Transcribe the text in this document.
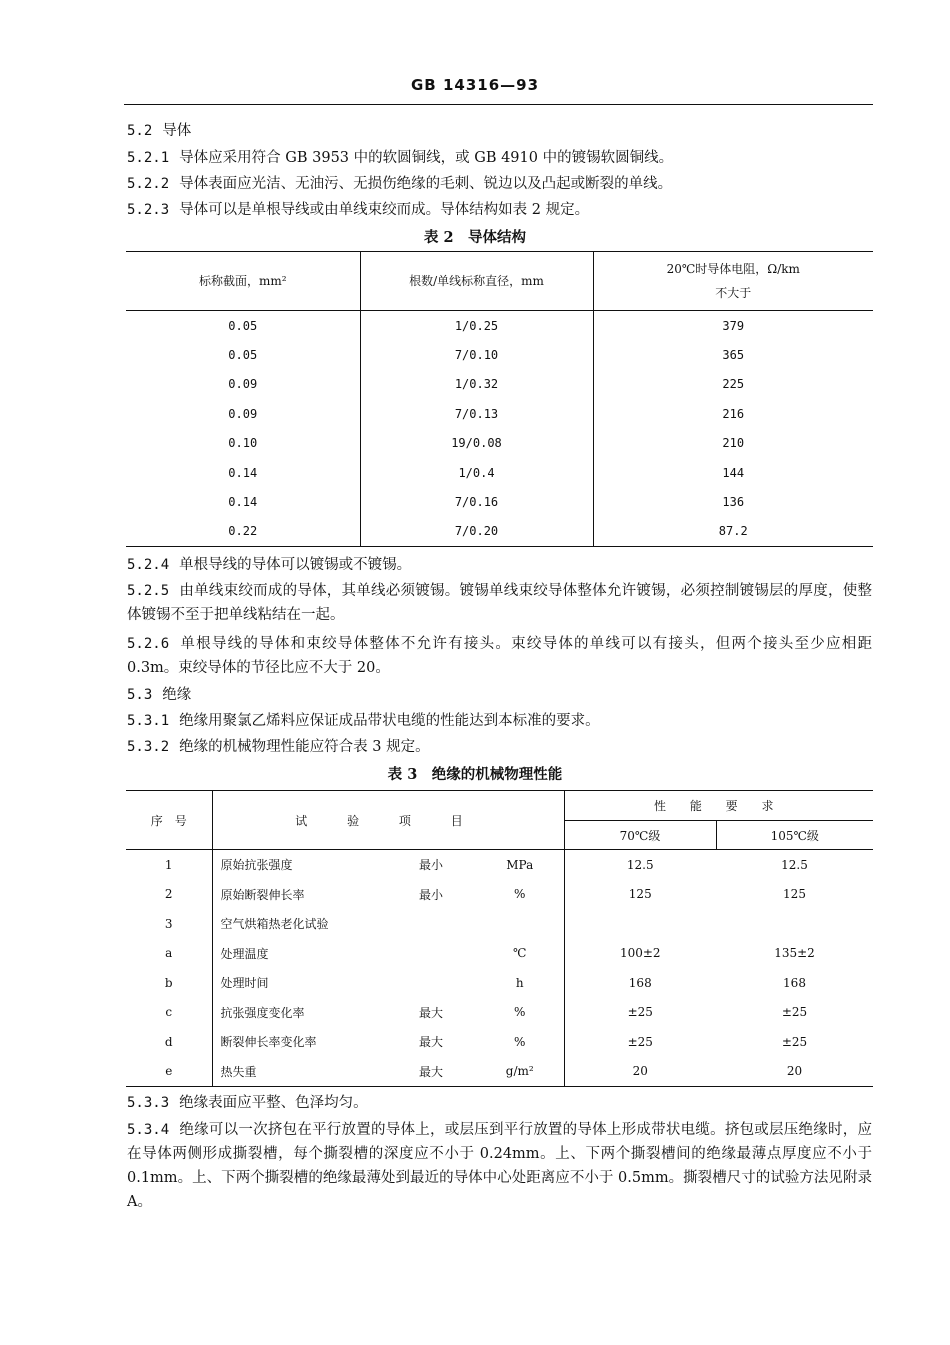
GB 14316—93
5.2 导体
5.2.1 导体应采用符合 GB 3953 中的软圆铜线，或 GB 4910 中的镀锡软圆铜线。
5.2.2 导体表面应光洁、无油污、无损伤绝缘的毛刺、锐边以及凸起或断裂的单线。
5.2.3 导体可以是单根导线或由单线束绞而成。导体结构如表 2 规定。
表 2　导体结构
标称截面，mm²	根数/单线标称直径，mm	20℃时导体电阻，Ω/km
不大于

0.05	1/0.25	379
0.05	7/0.10	365
0.09	1/0.32	225
0.09	7/0.13	216
0.10	19/0.08	210
0.14	1/0.4	144
0.14	7/0.16	136
0.22	7/0.20	87.2
5.2.4 单根导线的导体可以镀锡或不镀锡。
5.2.5 由单线束绞而成的导体，其单线必须镀锡。镀锡单线束绞导体整体允许镀锡，必须控制镀锡层的厚度，使整体镀锡不至于把单线粘结在一起。
5.2.6 单根导线的导体和束绞导体整体不允许有接头。束绞导体的单线可以有接头，但两个接头至少应相距 0.3m。束绞导体的节径比应不大于 20。
5.3 绝缘
5.3.1 绝缘用聚氯乙烯料应保证成品带状电缆的性能达到本标准的要求。
5.3.2 绝缘的机械物理性能应符合表 3 规定。
表 3　绝缘的机械物理性能
序　号	试 验 项 目			性 能 要 求	
				70℃级	105℃级
1	原始抗张强度	最小	MPa	12.5	12.5
2	原始断裂伸长率	最小	%	125	125
3	空气烘箱热老化试验				
a	处理温度		℃	100±2	135±2
b	处理时间		h	168	168
c	抗张强度变化率	最大	%	±25	±25
d	断裂伸长率变化率	最大	%	±25	±25
e	热失重	最大	g/m²	20	20
5.3.3 绝缘表面应平整、色泽均匀。
5.3.4 绝缘可以一次挤包在平行放置的导体上，或层压到平行放置的导体上形成带状电缆。挤包或层压绝缘时，应在导体两侧形成撕裂槽，每个撕裂槽的深度应不小于 0.24mm。上、下两个撕裂槽间的绝缘最薄点厚度应不小于 0.1mm。上、下两个撕裂槽的绝缘最薄处到最近的导体中心处距离应不小于 0.5mm。撕裂槽尺寸的试验方法见附录 A。
